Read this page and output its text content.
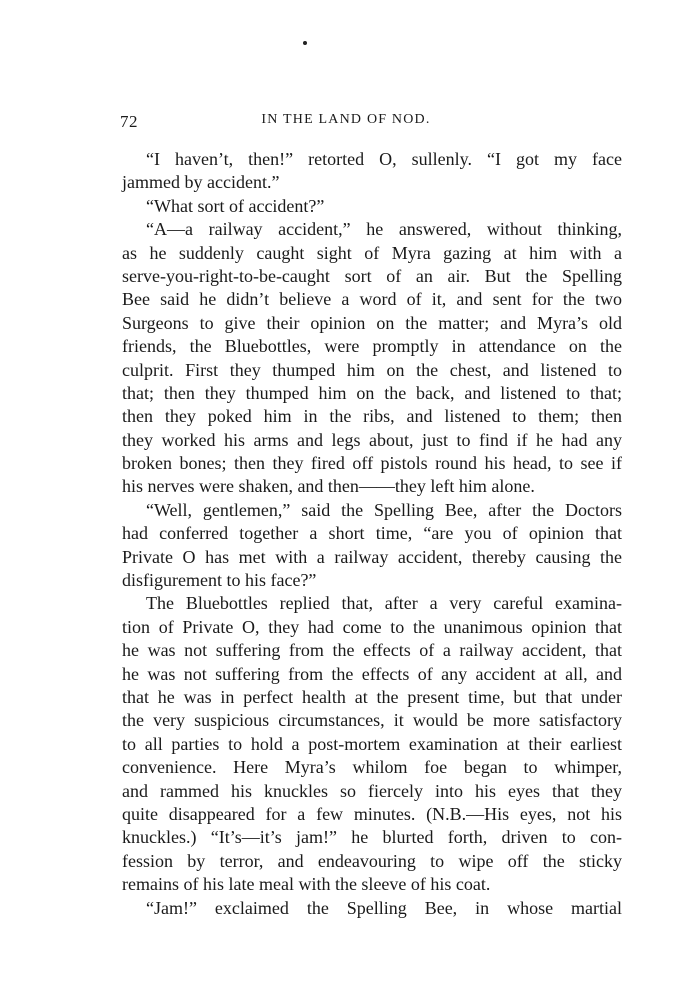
72	IN THE LAND OF NOD.
“I haven’t, then!” retorted O, sullenly. “I got my face
jammed by accident.”
“What sort of accident?”
“A—a railway accident,” he answered, without thinking,
as he suddenly caught sight of Myra gazing at him with a
serve-you-right-to-be-caught sort of an air. But the Spelling
Bee said he didn’t believe a word of it, and sent for the two
Surgeons to give their opinion on the matter; and Myra’s old
friends, the Bluebottles, were promptly in attendance on the
culprit. First they thumped him on the chest, and listened to
that; then they thumped him on the back, and listened to that;
then they poked him in the ribs, and listened to them; then
they worked his arms and legs about, just to find if he had any
broken bones; then they fired off pistols round his head, to see if
his nerves were shaken, and then——they left him alone.
“Well, gentlemen,” said the Spelling Bee, after the Doctors
had conferred together a short time, “are you of opinion that
Private O has met with a railway accident, thereby causing the
disfigurement to his face?”
The Bluebottles replied that, after a very careful examina-
tion of Private O, they had come to the unanimous opinion that
he was not suffering from the effects of a railway accident, that
he was not suffering from the effects of any accident at all, and
that he was in perfect health at the present time, but that under
the very suspicious circumstances, it would be more satisfactory
to all parties to hold a post-mortem examination at their earliest
convenience. Here Myra’s whilom foe began to whimper,
and rammed his knuckles so fiercely into his eyes that they
quite disappeared for a few minutes. (N.B.—His eyes, not his
knuckles.) “It’s—it’s jam!” he blurted forth, driven to con-
fession by terror, and endeavouring to wipe off the sticky
remains of his late meal with the sleeve of his coat.
“Jam!” exclaimed the Spelling Bee, in whose martial
